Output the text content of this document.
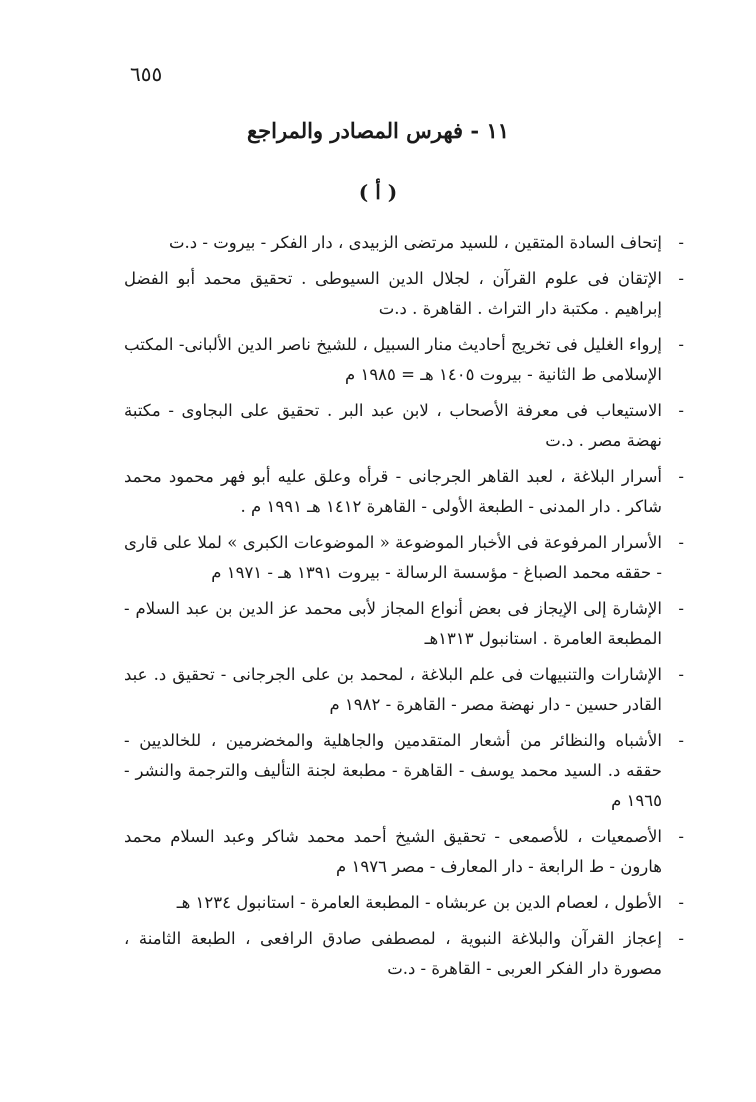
٦٥٥
١١ - فهرس المصادر والمراجع
( أ )
-
إتحاف السادة المتقين ، للسيد مرتضى الزبيدى ، دار الفكر - بيروت - د.ت
-
الإتقان فى علوم القرآن ، لجلال الدين السيوطى . تحقيق محمد أبو الفضل إبراهيم . مكتبة دار التراث . القاهرة . د.ت
-
إرواء الغليل فى تخريج أحاديث منار السبيل ، للشيخ ناصر الدين الألبانى- المكتب الإسلامى ط الثانية - بيروت ١٤٠٥ هـ = ١٩٨٥ م
-
الاستيعاب فى معرفة الأصحاب ، لابن عبد البر . تحقيق على البجاوى - مكتبة نهضة مصر . د.ت
-
أسرار البلاغة ، لعبد القاهر الجرجانى - قرأه وعلق عليه أبو فهر محمود محمد شاكر . دار المدنى - الطبعة الأولى - القاهرة ١٤١٢ هـ ١٩٩١ م .
-
الأسرار المرفوعة فى الأخبار الموضوعة « الموضوعات الكبرى » لملا على قارى - حققه محمد الصباغ - مؤسسة الرسالة - بيروت ١٣٩١ هـ - ١٩٧١ م
-
الإشارة إلى الإيجاز فى بعض أنواع المجاز لأبى محمد عز الدين بن عبد السلام - المطبعة العامرة . استانبول ١٣١٣هـ
-
الإشارات والتنبيهات فى علم البلاغة ، لمحمد بن على الجرجانى - تحقيق د. عبد القادر حسين - دار نهضة مصر - القاهرة - ١٩٨٢ م
-
الأشباه والنظائر من أشعار المتقدمين والجاهلية والمخضرمين ، للخالديين - حققه د. السيد محمد يوسف - القاهرة - مطبعة لجنة التأليف والترجمة والنشر - ١٩٦٥ م
-
الأصمعيات ، للأصمعى - تحقيق الشيخ أحمد محمد شاكر وعبد السلام محمد هارون - ط الرابعة - دار المعارف - مصر ١٩٧٦ م
-
الأطول ، لعصام الدين بن عربشاه - المطبعة العامرة - استانبول ١٢٣٤ هـ
-
إعجاز القرآن والبلاغة النبوية ، لمصطفى صادق الرافعى ، الطبعة الثامنة ، مصورة دار الفكر العربى - القاهرة - د.ت
